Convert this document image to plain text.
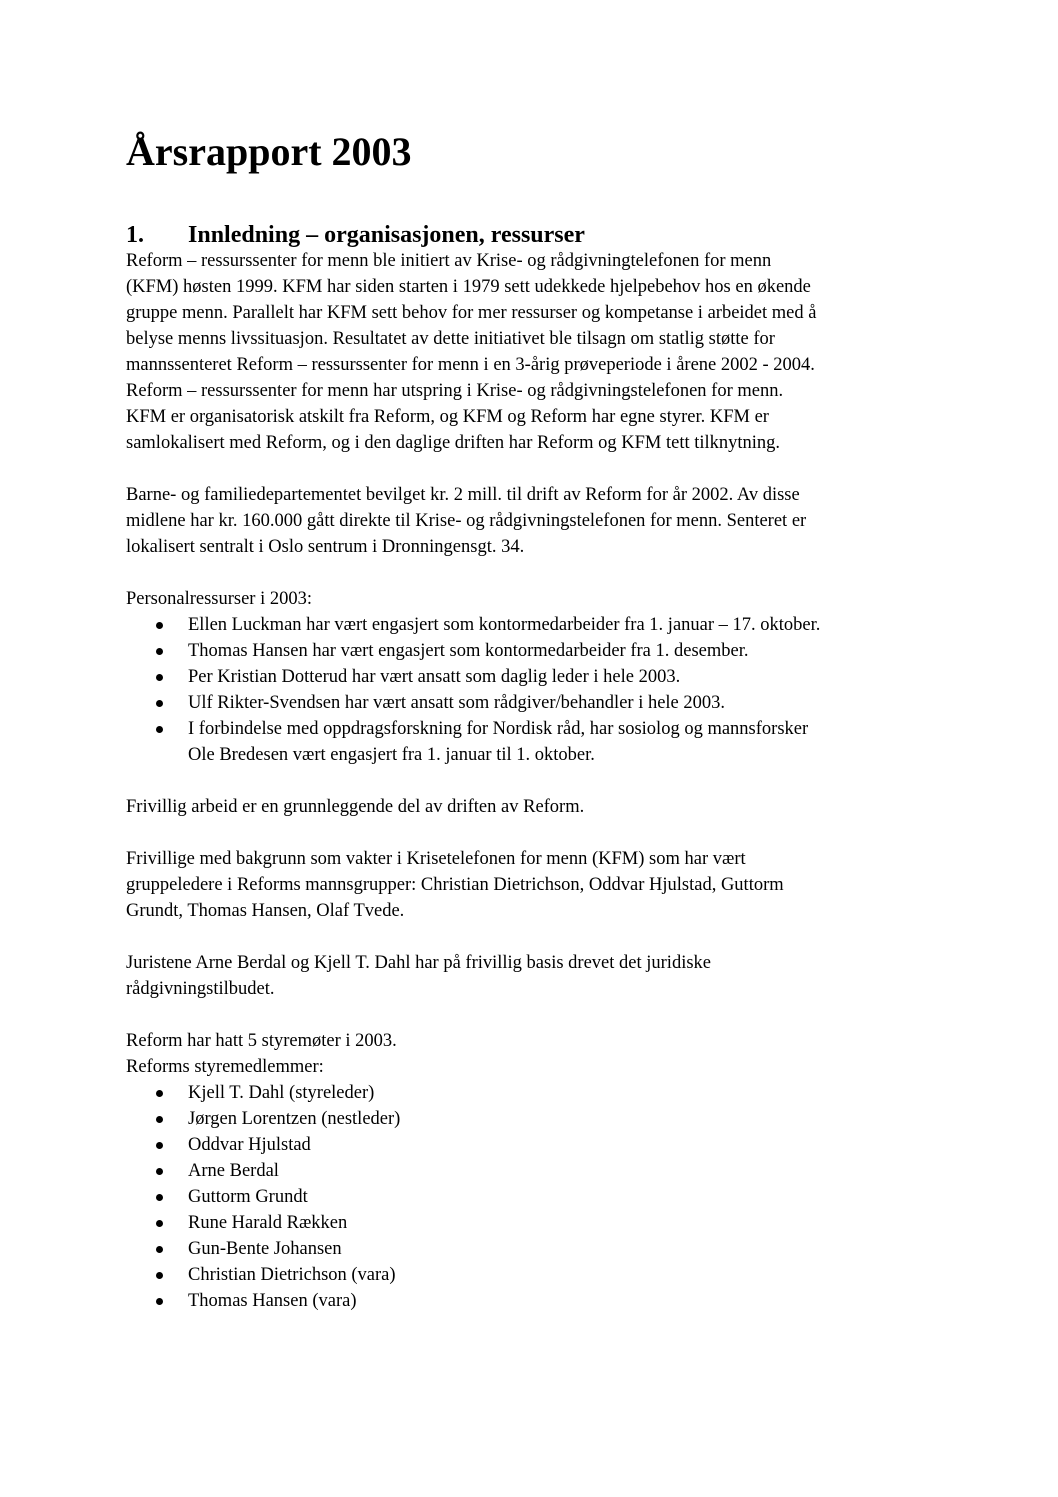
Årsrapport 2003
1. Innledning – organisasjonen, ressurser

Reform – ressurssenter for menn ble initiert av Krise- og rådgivningtelefonen for menn
(KFM) høsten 1999. KFM har siden starten i 1979 sett udekkede hjelpebehov hos en økende
gruppe menn. Parallelt har KFM sett behov for mer ressurser og kompetanse i arbeidet med å
belyse menns livssituasjon. Resultatet av dette initiativet ble tilsagn om statlig støtte for
mannssenteret Reform – ressurssenter for menn i en 3-årig prøveperiode i årene 2002 - 2004.
Reform – ressurssenter for menn har utspring i Krise- og rådgivningstelefonen for menn.
KFM er organisatorisk atskilt fra Reform, og KFM og Reform har egne styrer. KFM er
samlokalisert med Reform, og i den daglige driften har Reform og KFM tett tilknytning.

Barne- og familiedepartementet bevilget kr. 2 mill. til drift av Reform for år 2002. Av disse
midlene har kr. 160.000 gått direkte til Krise- og rådgivningstelefonen for menn. Senteret er
lokalisert sentralt i Oslo sentrum i Dronningensgt. 34.

Personalressurser i 2003:

Ellen Luckman har vært engasjert som kontormedarbeider fra 1. januar – 17. oktober.
Thomas Hansen har vært engasjert som kontormedarbeider fra 1. desember.
Per Kristian Dotterud har vært ansatt som daglig leder i hele 2003.
Ulf Rikter-Svendsen har vært ansatt som rådgiver/behandler i hele 2003.
I forbindelse med oppdragsforskning for Nordisk råd, har sosiolog og mannsforsker
Ole Bredesen vært engasjert fra 1. januar til 1. oktober.

Frivillig arbeid er en grunnleggende del av driften av Reform.

Frivillige med bakgrunn som vakter i Krisetelefonen for menn (KFM) som har vært
gruppeledere i Reforms mannsgrupper: Christian Dietrichson, Oddvar Hjulstad, Guttorm
Grundt, Thomas Hansen, Olaf Tvede.

Juristene Arne Berdal og Kjell T. Dahl har på frivillig basis drevet det juridiske
rådgivningstilbudet.

Reform har hatt 5 styremøter i 2003.

Reforms styremedlemmer:

Kjell T. Dahl (styreleder)
Jørgen Lorentzen (nestleder)
Oddvar Hjulstad
Arne Berdal
Guttorm Grundt
Rune Harald Rækken
Gun-Bente Johansen
Christian Dietrichson (vara)
Thomas Hansen (vara)
